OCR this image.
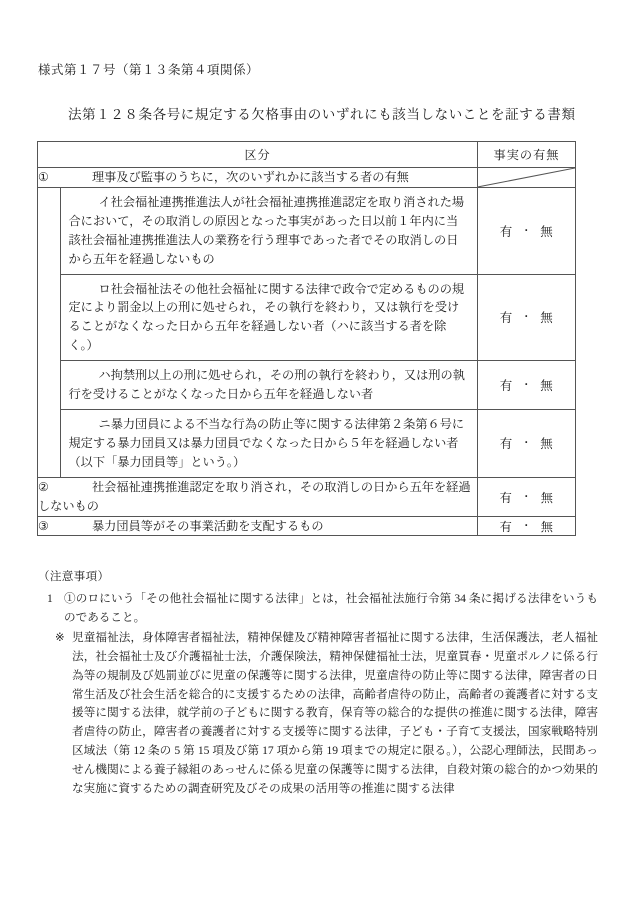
様式第１７号（第１３条第４項関係）
法第１２８条各号に規定する欠格事由のいずれにも該当しないことを証する書類
区分	事実の有無
①	理事及び監事のうちに，次のいずれかに該当する者の有無	

	イ社会福祉連携推進法人が社会福祉連携推進認定を取り消された場合において，その取消しの原因となった事実があった日以前１年内に当該社会福祉連携推進法人の業務を行う理事であった者でその取消しの日から五年を経過しないもの	有 ・ 無
	ロ社会福祉法その他社会福祉に関する法律で政令で定めるものの規定により罰金以上の刑に処せられ，その執行を終わり，又は執行を受けることがなくなった日から五年を経過しない者（ハに該当する者を除く。）	有 ・ 無
	ハ拘禁刑以上の刑に処せられ，その刑の執行を終わり，又は刑の執行を受けることがなくなった日から五年を経過しない者	有 ・ 無
	ニ暴力団員による不当な行為の防止等に関する法律第２条第６号に規定する暴力団員又は暴力団員でなくなった日から５年を経過しない者（以下「暴力団員等」という。）	有 ・ 無

②	社会福祉連携推進認定を取り消され，その取消しの日から五年を経過しないもの	有 ・ 無
③	暴力団員等がその事業活動を支配するもの	有 ・ 無
（注意事項）
1 ①のロにいう「その他社会福祉に関する法律」とは，社会福祉法施行令第 34 条に掲げる法律をいうものであること。
※ 児童福祉法，身体障害者福祉法，精神保健及び精神障害者福祉に関する法律，生活保護法，老人福祉法，社会福祉士及び介護福祉士法，介護保険法，精神保健福祉士法，児童買春・児童ポルノに係る行為等の規制及び処罰並びに児童の保護等に関する法律，児童虐待の防止等に関する法律，障害者の日常生活及び社会生活を総合的に支援するための法律，高齢者虐待の防止，高齢者の養護者に対する支援等に関する法律，就学前の子どもに関する教育，保育等の総合的な提供の推進に関する法律，障害者虐待の防止，障害者の養護者に対する支援等に関する法律，子ども・子育て支援法，国家戦略特別区域法（第 12 条の 5 第 15 項及び第 17 項から第 19 項までの規定に限る。），公認心理師法，民間あっせん機関による養子縁組のあっせんに係る児童の保護等に関する法律，自殺対策の総合的かつ効果的な実施に資するための調査研究及びその成果の活用等の推進に関する法律
